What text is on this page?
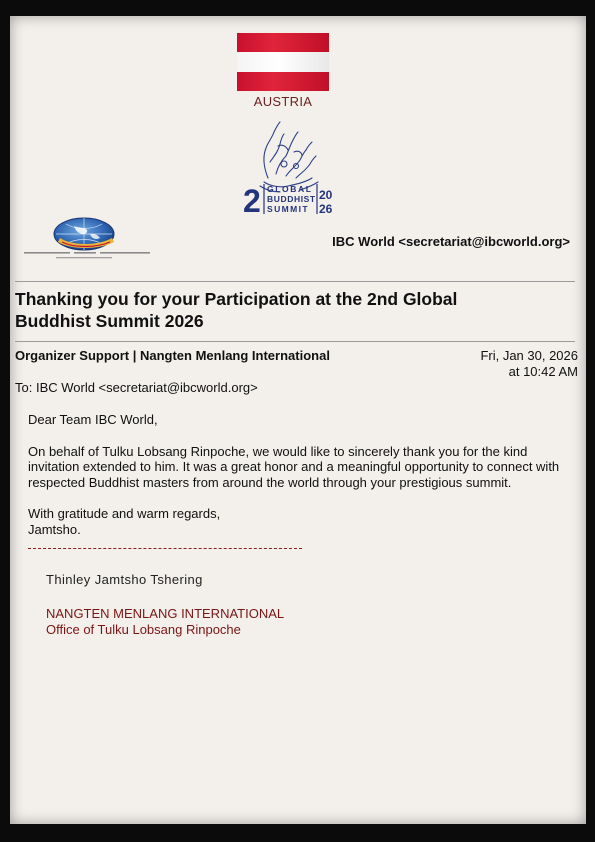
AUSTRIA
2 GLOBAL
BUDDHIST
SUMMIT
20
26
IBC World <secretariat@ibcworld.org>
Thanking you for your Participation at the 2nd Global Buddhist Summit 2026
Organizer Support | Nangten Menlang International	Fri, Jan 30, 2026
at 10:42 AM
To: IBC World <secretariat@ibcworld.org>

Dear Team IBC World,

On behalf of Tulku Lobsang Rinpoche, we would like to sincerely thank you for the kind invitation extended to him. It was a great honor and a meaningful opportunity to connect with respected Buddhist masters from around the world through your prestigious summit.

With gratitude and warm regards,

Jamtsho.

Thinley Jamtsho Tshering
NANGTEN MENLANG INTERNATIONAL
Office of Tulku Lobsang Rinpoche
